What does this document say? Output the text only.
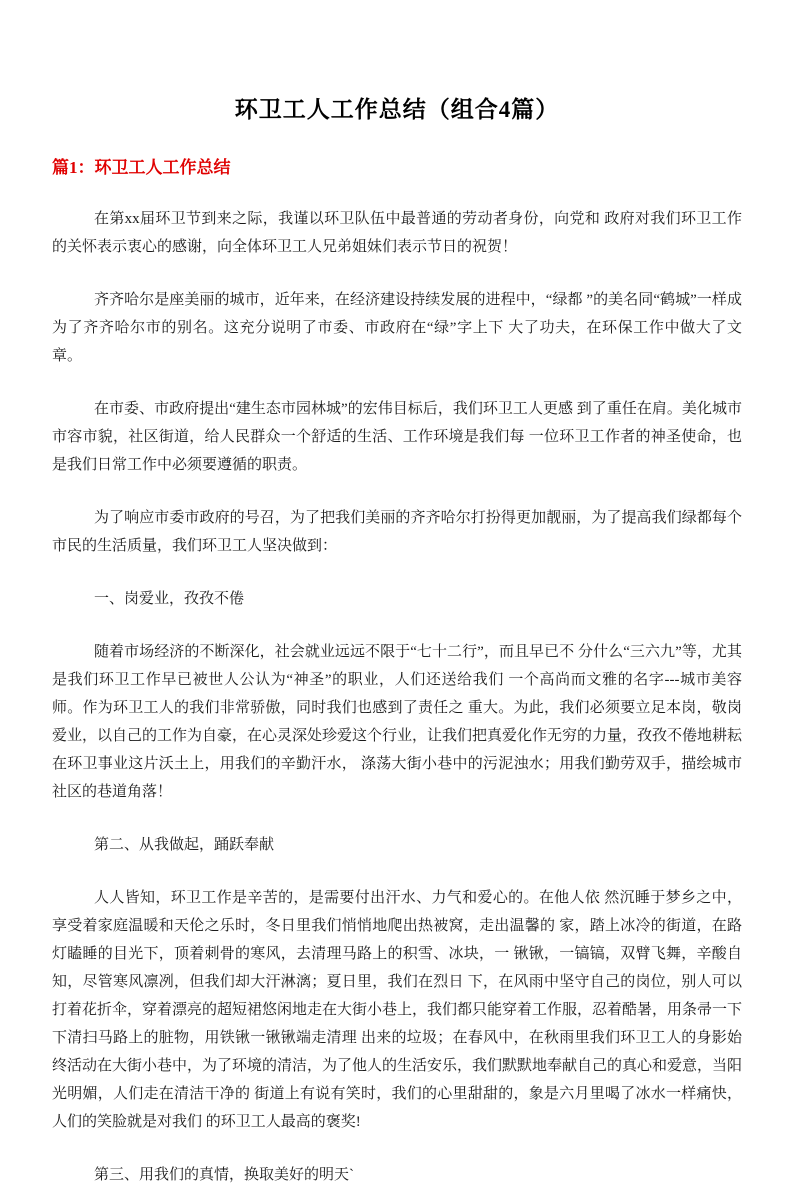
环卫工人工作总结（组合4篇）
篇1：环卫工人工作总结

在第xx届环卫节到来之际，我谨以环卫队伍中最普通的劳动者身份，向党和 政府对我们环卫工作的关怀表示衷心的感谢，向全体环卫工人兄弟姐妹们表示节日的祝贺！

齐齐哈尔是座美丽的城市，近年来，在经济建设持续发展的进程中，“绿都 ”的美名同“鹤城”一样成为了齐齐哈尔市的别名。这充分说明了市委、市政府在“绿”字上下 大了功夫，在环保工作中做大了文章。

在市委、市政府提出“建生态市园林城”的宏伟目标后，我们环卫工人更感 到了重任在肩。美化城市市容市貌，社区街道，给人民群众一个舒适的生活、工作环境是我们每 一位环卫工作者的神圣使命，也是我们日常工作中必须要遵循的职责。

为了响应市委市政府的号召，为了把我们美丽的齐齐哈尔打扮得更加靓丽，为了提高我们绿都每个市民的生活质量，我们环卫工人坚决做到：

一、岗爱业，孜孜不倦

随着市场经济的不断深化，社会就业远远不限于“七十二行”，而且早已不 分什么“三六九”等，尤其是我们环卫工作早已被世人公认为“神圣”的职业，人们还送给我们 一个高尚而文雅的名字---城市美容师。作为环卫工人的我们非常骄傲，同时我们也感到了责任之 重大。为此，我们必须要立足本岗，敬岗爱业，以自己的工作为自豪，在心灵深处珍爱这个行业，让我们把真爱化作无穷的力量，孜孜不倦地耕耘在环卫事业这片沃土上，用我们的辛勤汗水， 涤荡大街小巷中的污泥浊水；用我们勤劳双手，描绘城市社区的巷道角落！

第二、从我做起，踊跃奉献

人人皆知，环卫工作是辛苦的，是需要付出汗水、力气和爱心的。在他人依 然沉睡于梦乡之中，享受着家庭温暖和天伦之乐时，冬日里我们悄悄地爬出热被窝，走出温馨的 家，踏上冰冷的街道，在路灯瞌睡的目光下，顶着刺骨的寒风，去清理马路上的积雪、冰块，一 锹锹，一镐镐，双臂飞舞，辛酸自知，尽管寒风凛冽，但我们却大汗淋漓；夏日里，我们在烈日 下，在风雨中坚守自己的岗位，别人可以打着花折伞，穿着漂亮的超短裙悠闲地走在大街小巷上，我们都只能穿着工作服，忍着酷暑，用条帚一下下清扫马路上的脏物，用铁锹一锹锹端走清理 出来的垃圾；在春风中，在秋雨里我们环卫工人的身影始终活动在大街小巷中，为了环境的清洁，为了他人的生活安乐，我们默默地奉献自己的真心和爱意，当阳光明媚，人们走在清洁干净的 街道上有说有笑时，我们的心里甜甜的，象是六月里喝了冰水一样痛快，人们的笑脸就是对我们 的环卫工人最高的褒奖!

第三、用我们的真情，换取美好的明天`
